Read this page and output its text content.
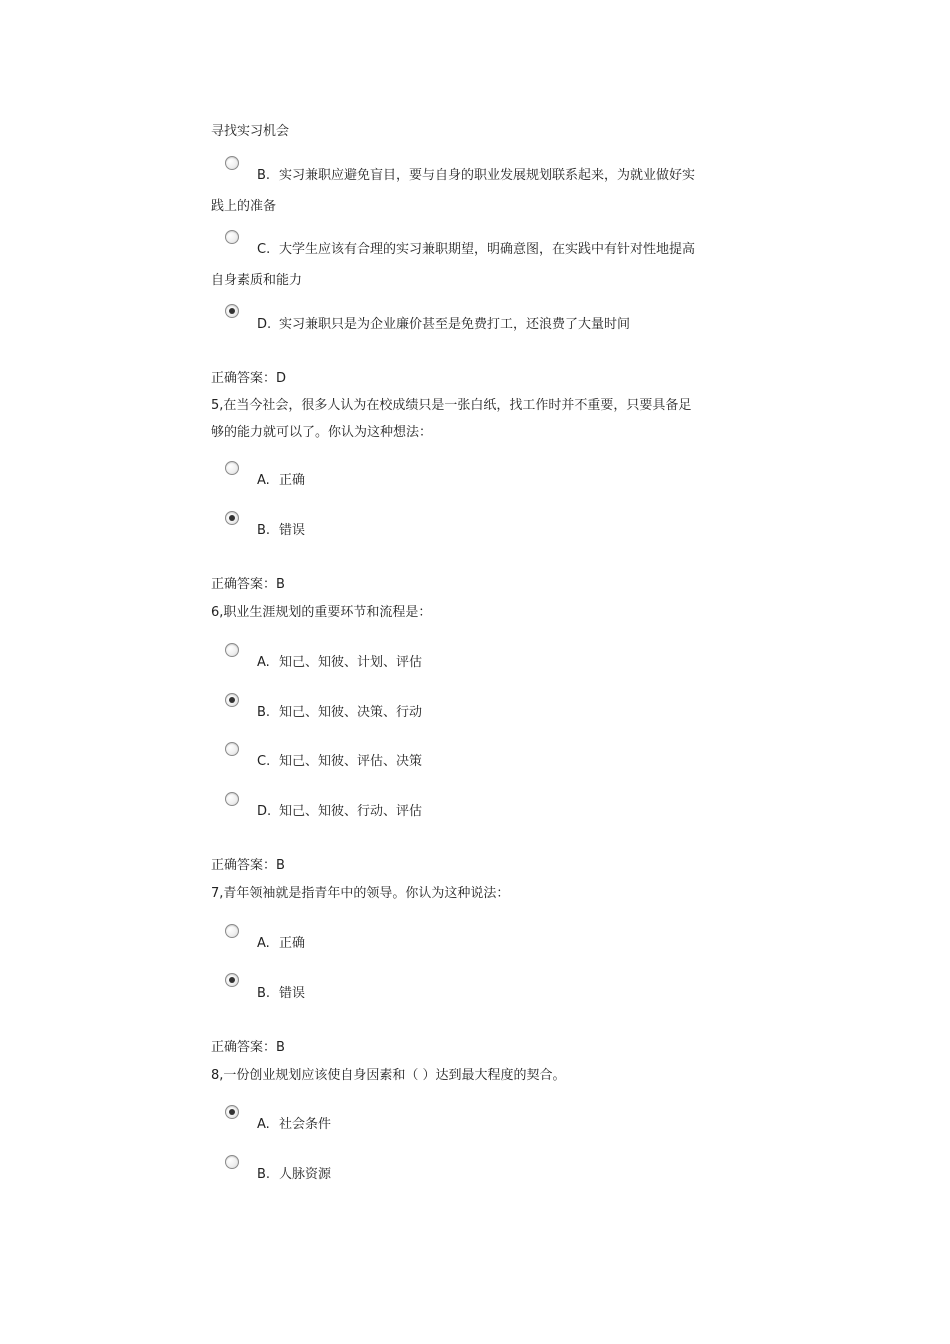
寻找实习机会
B. 实习兼职应避免盲目，要与自身的职业发展规划联系起来，为就业做好实
践上的准备
C. 大学生应该有合理的实习兼职期望，明确意图，在实践中有针对性地提高
自身素质和能力
D. 实习兼职只是为企业廉价甚至是免费打工，还浪费了大量时间
正确答案：D
5,在当今社会，很多人认为在校成绩只是一张白纸，找工作时并不重要，只要具备足
够的能力就可以了。你认为这种想法：
A. 正确
B. 错误
正确答案：B
6,职业生涯规划的重要环节和流程是：
A. 知己、知彼、计划、评估
B. 知己、知彼、决策、行动
C. 知己、知彼、评估、决策
D. 知己、知彼、行动、评估
正确答案：B
7,青年领袖就是指青年中的领导。你认为这种说法：
A. 正确
B. 错误
正确答案：B
8,一份创业规划应该使自身因素和（ ）达到最大程度的契合。
A. 社会条件
B. 人脉资源
